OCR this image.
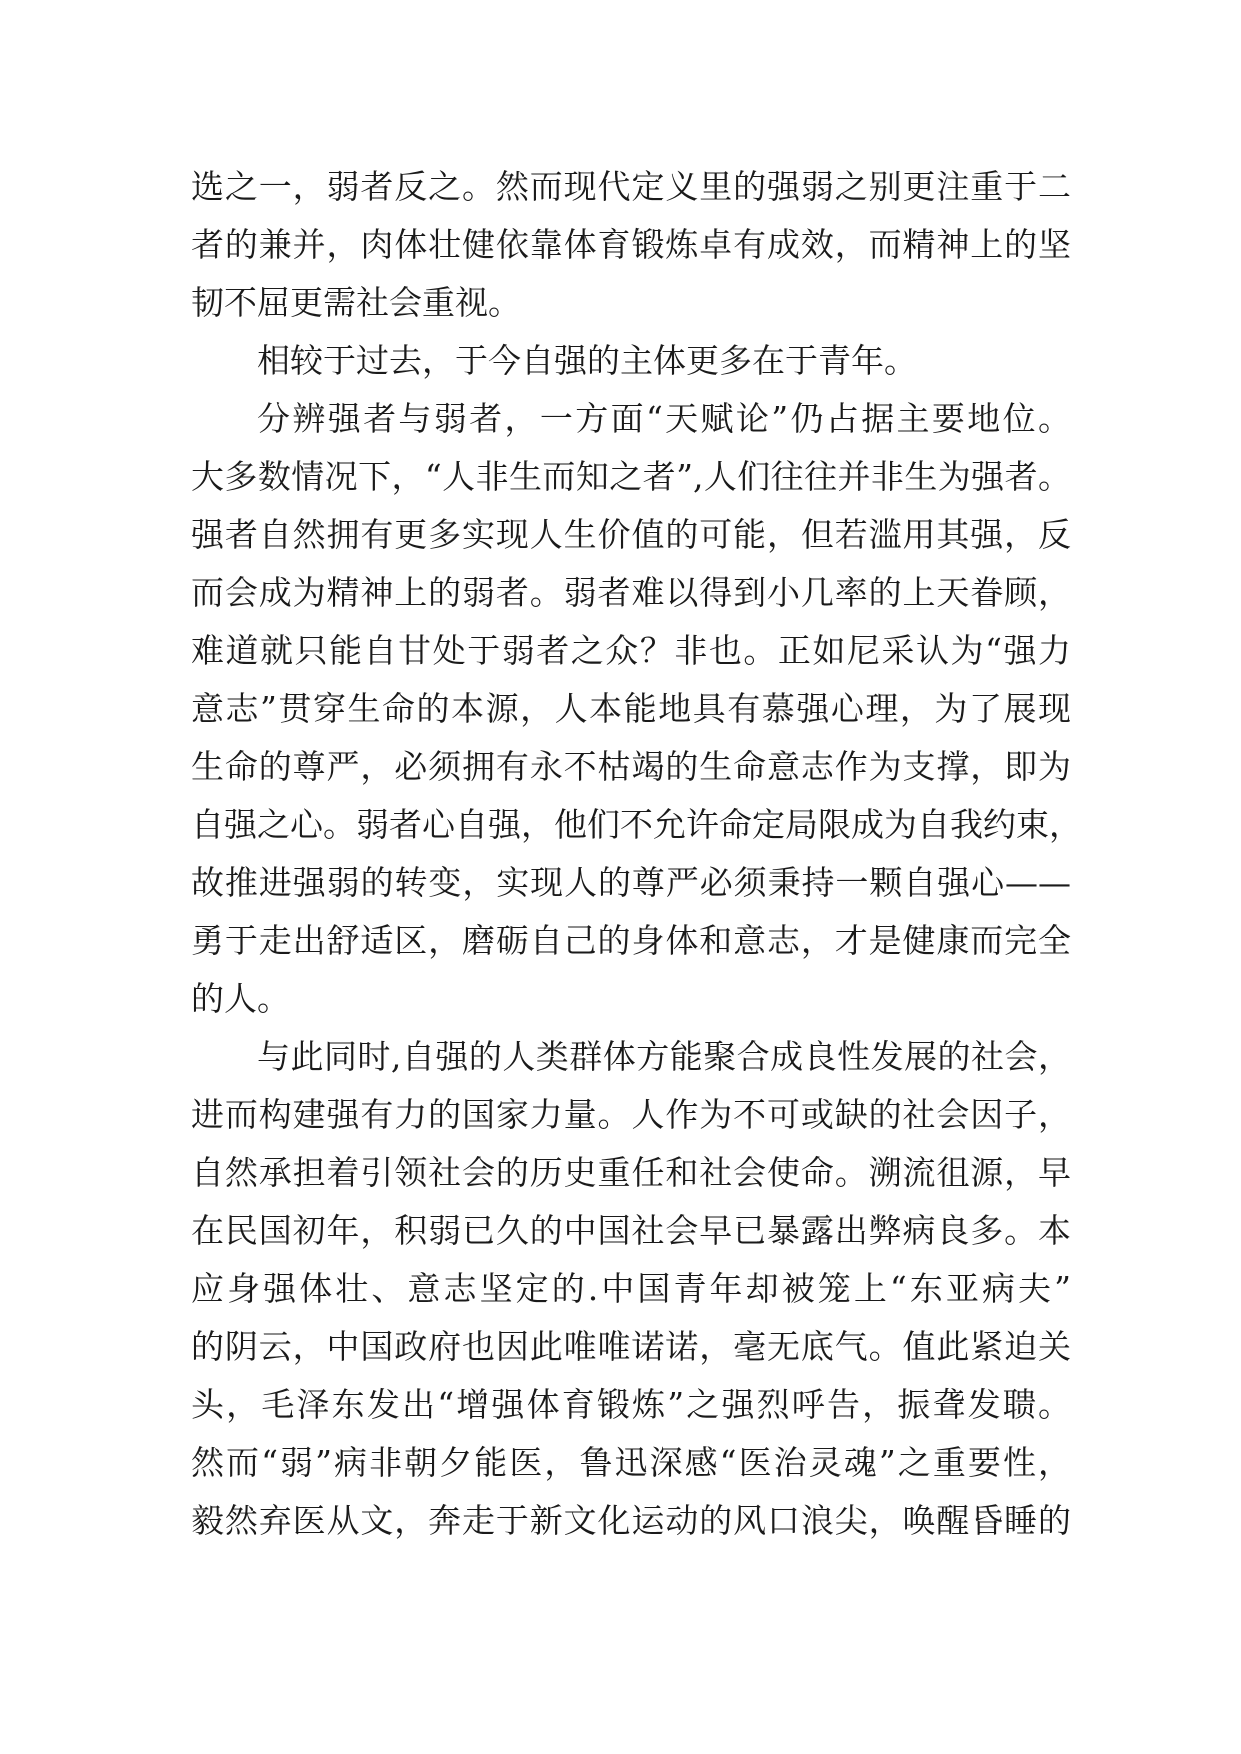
选之一，弱者反之。然而现代定义里的强弱之别更注重于二
者的兼并，肉体壮健依靠体育锻炼卓有成效，而精神上的坚
韧不屈更需社会重视。
相较于过去，于今自强的主体更多在于青年。
分辨强者与弱者，一方面“天赋论”仍占据主要地位。
大多数情况下，“人非生而知之者”,人们往往并非生为强者。
强者自然拥有更多实现人生价值的可能，但若滥用其强，反
而会成为精神上的弱者。弱者难以得到小几率的上天眷顾，
难道就只能自甘处于弱者之众？非也。正如尼采认为“强力
意志”贯穿生命的本源，人本能地具有慕强心理，为了展现
生命的尊严，必须拥有永不枯竭的生命意志作为支撑，即为
自强之心。弱者心自强，他们不允许命定局限成为自我约束，
故推进强弱的转变，实现人的尊严必须秉持一颗自强心——
勇于走出舒适区，磨砺自己的身体和意志，才是健康而完全
的人。
与此同时,自强的人类群体方能聚合成良性发展的社会，
进而构建强有力的国家力量。人作为不可或缺的社会因子，
自然承担着引领社会的历史重任和社会使命。溯流徂源，早
在民国初年，积弱已久的中国社会早已暴露出弊病良多。本
应身强体壮、意志坚定的.中国青年却被笼上“东亚病夫”
的阴云，中国政府也因此唯唯诺诺，毫无底气。值此紧迫关
头，毛泽东发出“增强体育锻炼”之强烈呼告，振聋发聩。
然而“弱”病非朝夕能医，鲁迅深感“医治灵魂”之重要性，
毅然弃医从文，奔走于新文化运动的风口浪尖，唤醒昏睡的
